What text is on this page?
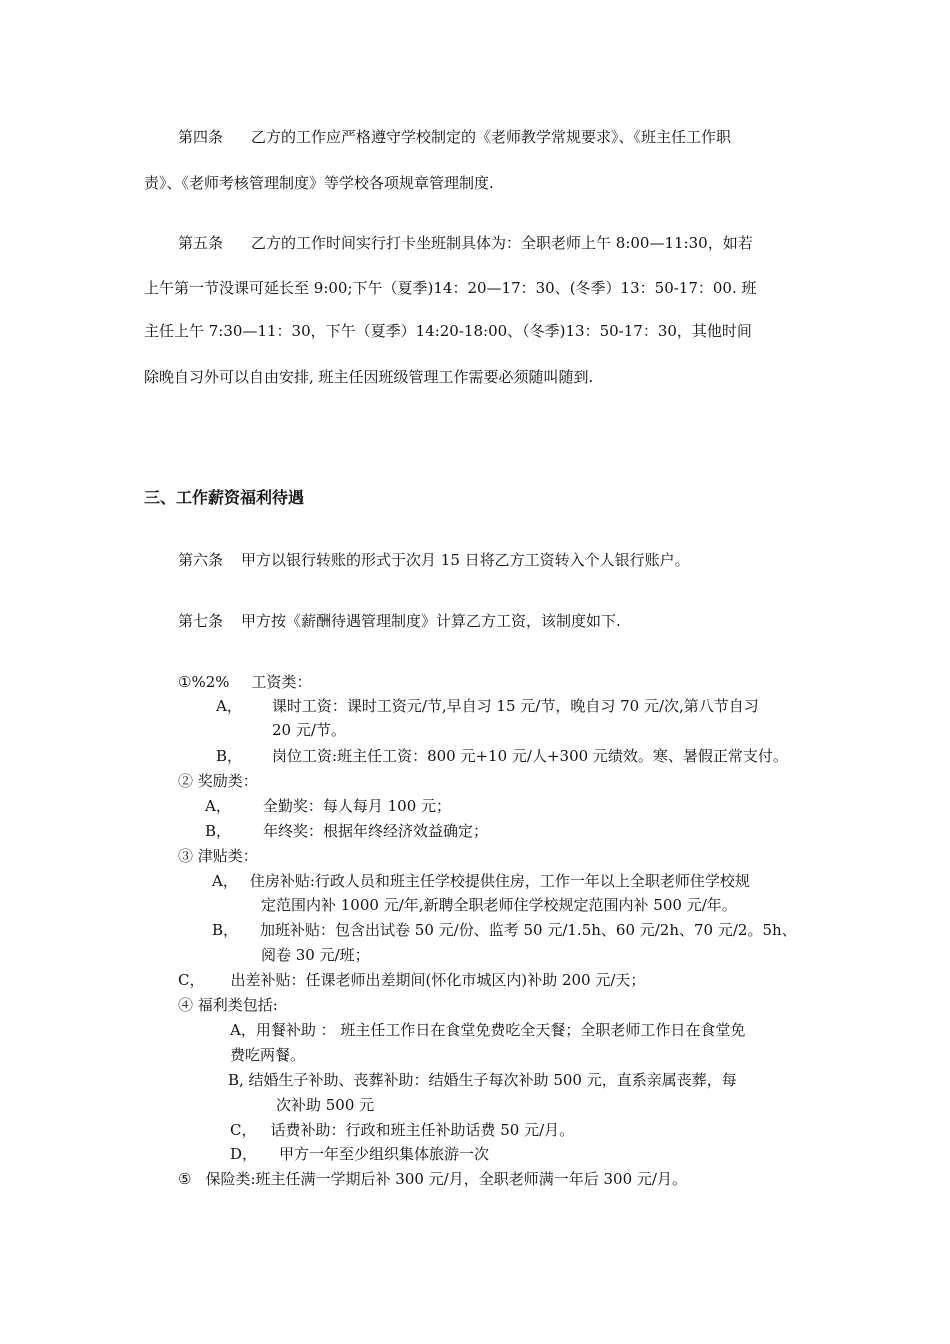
第四条 乙方的工作应严格遵守学校制定的《老师教学常规要求》、《班主任工作职
责》、《老师考核管理制度》等学校各项规章管理制度.
第五条 乙方的工作时间实行打卡坐班制具体为：全职老师上午 8:00—11:30，如若
上午第一节没课可延长至 9:00;下午（夏季)14：20—17：30、(冬季）13：50-17：00. 班
主任上午 7:30—11：30，下午（夏季）14:20-18:00、（冬季)13：50-17：30，其他时间
除晚自习外可以自由安排, 班主任因班级管理工作需要必须随叫随到.
三、工作薪资福利待遇
第六条 甲方以银行转账的形式于次月 15 日将乙方工资转入个人银行账户。
第七条 甲方按《薪酬待遇管理制度》计算乙方工资，该制度如下.
①%2% 工资类：
A， 课时工资：课时工资元/节,早自习 15 元/节，晚自习 70 元/次,第八节自习
20 元/节。
B， 岗位工资:班主任工资：800 元+10 元/人+300 元绩效。寒、暑假正常支付。
② 奖励类：
A， 全勤奖：每人每月 100 元；
B， 年终奖：根据年终经济效益确定；
③ 津贴类：
A， 住房补贴:行政人员和班主任学校提供住房，工作一年以上全职老师住学校规
定范围内补 1000 元/年,新聘全职老师住学校规定范围内补 500 元/年。
B， 加班补贴：包含出试卷 50 元/份、监考 50 元/1.5h、60 元/2h、70 元/2。5h、
阅卷 30 元/班；
C， 出差补贴：任课老师出差期间(怀化市城区内)补助 200 元/天；
④ 福利类包括:
A，用餐补助 ： 班主任工作日在食堂免费吃全天餐；全职老师工作日在食堂免
费吃两餐。
B, 结婚生子补助、丧葬补助：结婚生子每次补助 500 元，直系亲属丧葬，每
次补助 500 元
C， 话费补助：行政和班主任补助话费 50 元/月。
D， 甲方一年至少组织集体旅游一次
⑤ 保险类:班主任满一学期后补 300 元/月，全职老师满一年后 300 元/月。
